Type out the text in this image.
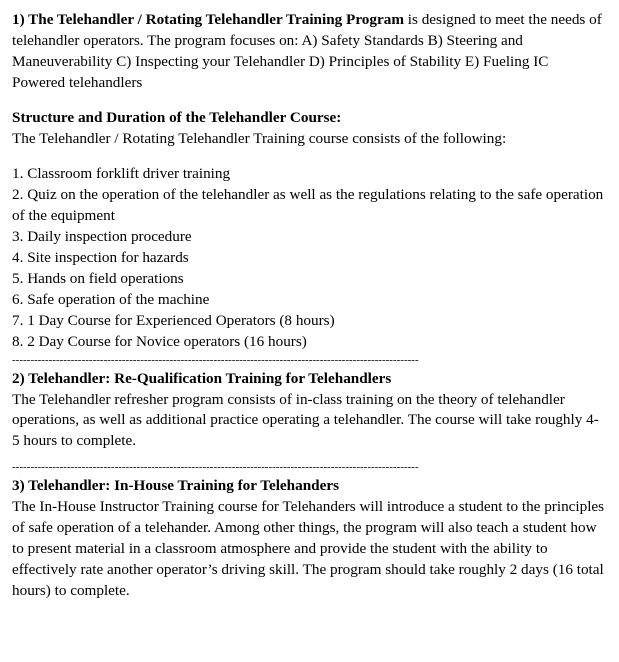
1) The Telehandler / Rotating Telehandler Training Program is designed to meet the needs of telehandler operators. The program focuses on: A) Safety Standards B) Steering and Maneuverability C) Inspecting your Telehandler D) Principles of Stability E) Fueling IC Powered telehandlers

Structure and Duration of the Telehandler Course:

The Telehandler / Rotating Telehandler Training course consists of the following:

1. Classroom forklift driver training
2. Quiz on the operation of the telehandler as well as the regulations relating to the safe operation of the equipment
3. Daily inspection procedure
4. Site inspection for hazards
5. Hands on field operations
6. Safe operation of the machine
7. 1 Day Course for Experienced Operators (8 hours)
8. 2 Day Course for Novice operators (16 hours)
---------------------------------------------------------------------------------------------------------------

2) Telehandler: Re-Qualification Training for Telehandlers

The Telehandler refresher program consists of in-class training on the theory of telehandler operations, as well as additional practice operating a telehandler. The course will take roughly 4-5 hours to complete.

---------------------------------------------------------------------------------------------------------------

3) Telehandler: In-House Training for Telehanders

The In-House Instructor Training course for Telehanders will introduce a student to the principles of safe operation of a telehander. Among other things, the program will also teach a student how to present material in a classroom atmosphere and provide the student with the ability to effectively rate another operator’s driving skill. The program should take roughly 2 days (16 total hours) to complete.
